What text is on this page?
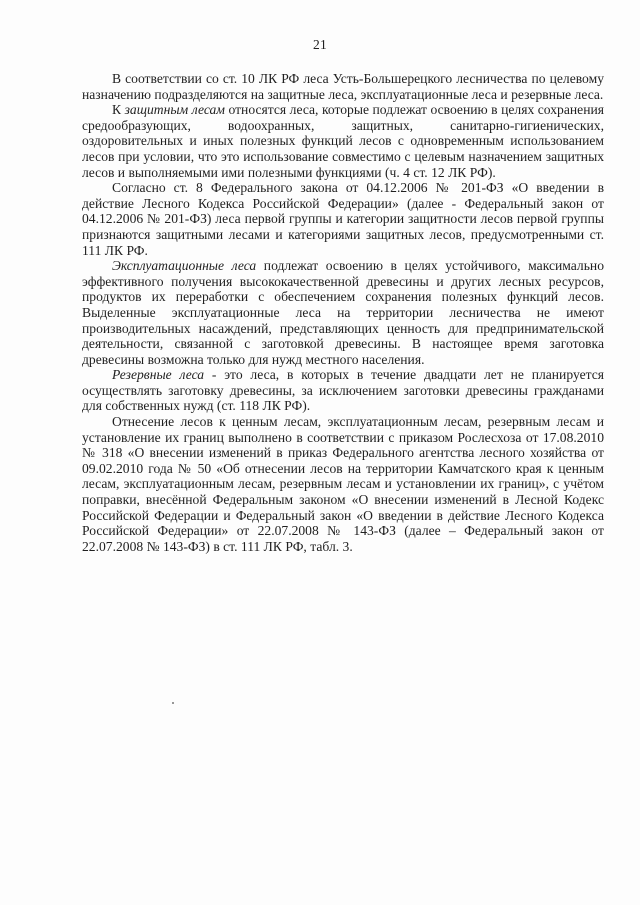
21

В соответствии со ст. 10 ЛК РФ леса Усть-Большерецкого лесничества по целевому назначению подразделяются на защитные леса, эксплуатационные леса и резервные леса.

К защитным лесам относятся леса, которые подлежат освоению в целях сохранения средообразующих, водоохранных, защитных, санитарно-гигиенических, оздоровительных и иных полезных функций лесов с одновременным использованием лесов при условии, что это использование совместимо с целевым назначением защитных лесов и выполняемыми ими полезными функциями (ч. 4 ст. 12 ЛК РФ).

Согласно ст. 8 Федерального закона от 04.12.2006 № 201-ФЗ «О введении в действие Лесного Кодекса Российской Федерации» (далее - Федеральный закон от 04.12.2006 № 201-ФЗ) леса первой группы и категории защитности лесов первой группы признаются защитными лесами и категориями защитных лесов, предусмотренными ст. 111 ЛК РФ.

Эксплуатационные леса подлежат освоению в целях устойчивого, максимально эффективного получения высококачественной древесины и других лесных ресурсов, продуктов их переработки с обеспечением сохранения полезных функций лесов. Выделенные эксплуатационные леса на территории лесничества не имеют производительных насаждений, представляющих ценность для предпринимательской деятельности, связанной с заготовкой древесины. В настоящее время заготовка древесины возможна только для нужд местного населения.

Резервные леса - это леса, в которых в течение двадцати лет не планируется осуществлять заготовку древесины, за исключением заготовки древесины гражданами для собственных нужд (ст. 118 ЛК РФ).

Отнесение лесов к ценным лесам, эксплуатационным лесам, резервным лесам и установление их границ выполнено в соответствии с приказом Рослесхоза от 17.08.2010 № 318 «О внесении изменений в приказ Федерального агентства лесного хозяйства от 09.02.2010 года № 50 «Об отнесении лесов на территории Камчатского края к ценным лесам, эксплуатационным лесам, резервным лесам и установлении их границ», с учётом поправки, внесённой Федеральным законом «О внесении изменений в Лесной Кодекс Российской Федерации и Федеральный закон «О введении в действие Лесного Кодекса Российской Федерации» от 22.07.2008 № 143-ФЗ (далее – Федеральный закон от 22.07.2008 № 143-ФЗ) в ст. 111 ЛК РФ, табл. 3.
